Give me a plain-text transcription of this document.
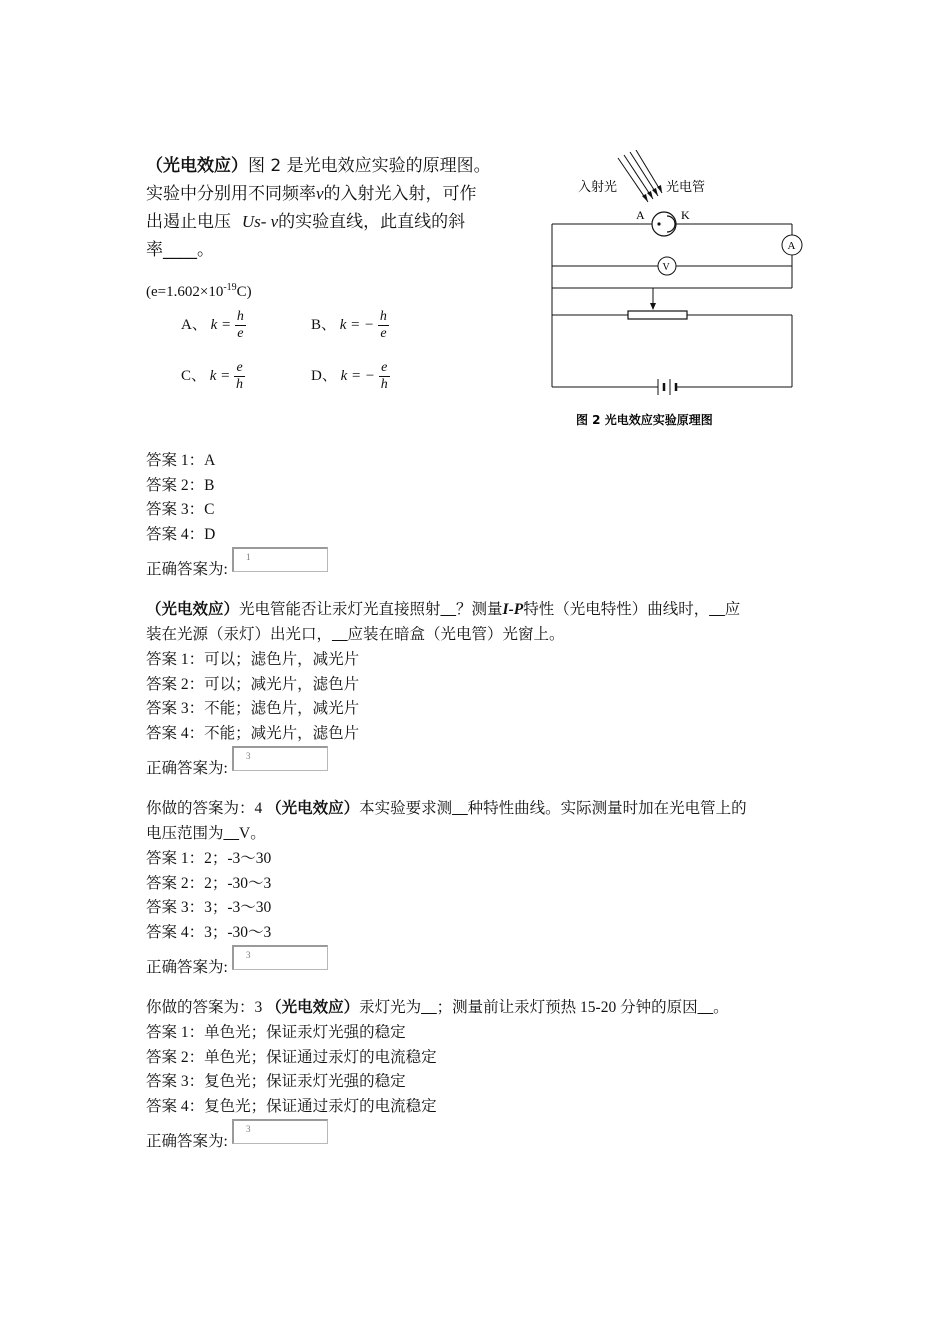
（光电效应）图 2 是光电效应实验的原理图。
实验中分别用不同频率ν的入射光入射，可作
出遏止电压 Us- ν的实验直线，此直线的斜
率____。
$(e=1.602\times 10^{-19}C)$
A、 $k = \frac{h}{e}$	B、 k = − $\frac{h}{e}$
C、 $k = \frac{e}{h}$	D、 k = − $\frac{e}{h}$
入射光	光电管
A	K
A
V
图 2 光电效应实验原理图
答案 1：A
答案 2：B
答案 3：C
答案 4：D
正确答案为:
1
（光电效应）光电管能否让汞灯光直接照射__？测量I-P特性（光电特性）曲线时，__应
装在光源（汞灯）出光口，__应装在暗盒（光电管）光窗上。
答案 1：可以；滤色片，减光片
答案 2：可以；减光片，滤色片
答案 3：不能；滤色片，减光片
答案 4：不能；减光片，滤色片
正确答案为:
3
你做的答案为：4 （光电效应）本实验要求测__种特性曲线。实际测量时加在光电管上的
电压范围为__V。
答案 1：2；-3～30
答案 2：2；-30～3
答案 3：3；-3～30
答案 4：3；-30～3
正确答案为:
3
你做的答案为：3 （光电效应）汞灯光为__；测量前让汞灯预热 15-20 分钟的原因__。
答案 1：单色光；保证汞灯光强的稳定
答案 2：单色光；保证通过汞灯的电流稳定
答案 3：复色光；保证汞灯光强的稳定
答案 4：复色光；保证通过汞灯的电流稳定
正确答案为:
3
